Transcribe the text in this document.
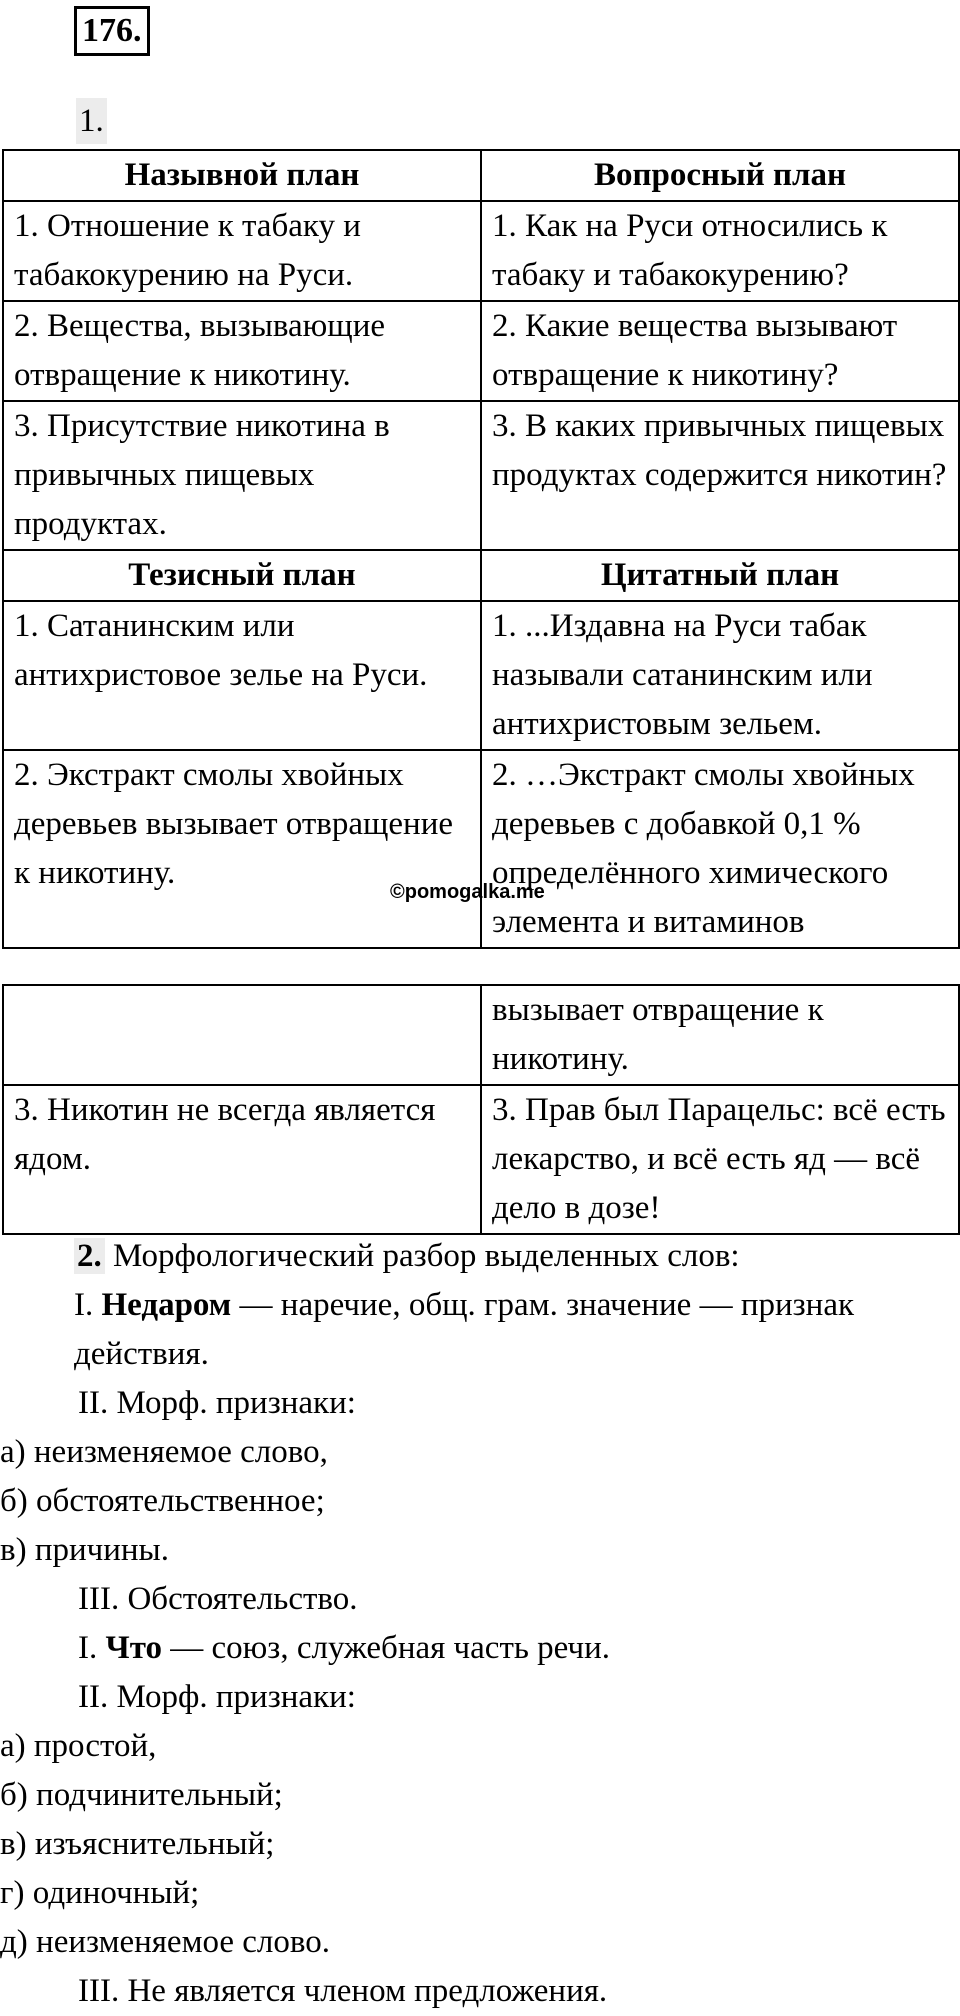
176.
1.
Назывной план	Вопросный план
1. Отношение к табаку и табакокурению на Руси.	1. Как на Руси относились к табаку и табакокурению?
2. Вещества, вызывающие отвращение к никотину.	2. Какие вещества вызывают отвращение к никотину?
3. Присутствие никотина в привычных пищевых продуктах.	3. В каких привычных пищевых продуктах содержится никотин?
Тезисный план	Цитатный план
1. Сатанинским или антихристовое зелье на Руси.	1. ...Издавна на Руси табак называли сатанинским или антихристовым зельем.
2. Экстракт смолы хвойных деревьев вызывает отвращение к никотину.	2. …Экстракт смолы хвойных деревьев с добавкой 0,1 % определённого химического элемента и витаминов
©pomogalka.me
	вызывает отвращение к никотину.
3. Никотин не всегда является ядом.	3. Прав был Парацельс: всё есть лекарство, и всё есть яд — всё дело в дозе!

2. Морфологический разбор выделенных слов:

I. Недаром — наречие, общ. грам. значение — признак действия.

II. Морф. признаки:

а) неизменяемое слово,

б) обстоятельственное;

в) причины.

III. Обстоятельство.

I. Что — союз, служебная часть речи.

II. Морф. признаки:

а) простой,

б) подчинительный;

в) изъяснительный;

г) одиночный;

д) неизменяемое слово.

III. Не является членом предложения.
